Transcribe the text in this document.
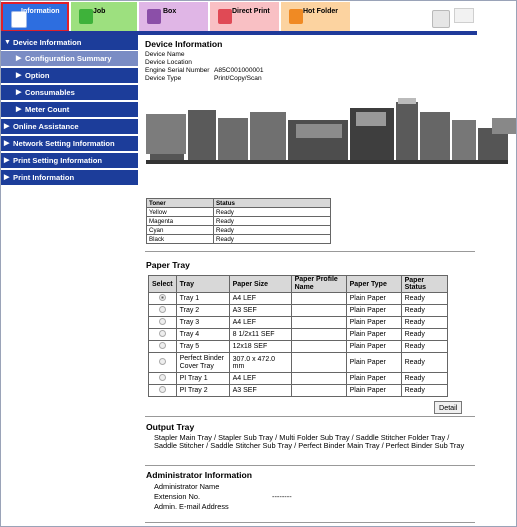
Information	Job	Box	Direct Print	Hot Folder
▼ Device Information
▶ Configuration Summary
▶ Option
▶ Consumables
▶ Meter Count
▶ Online Assistance
▶ Network Setting Information
▶ Print Setting Information
▶ Print Information
Device Information
Device Name
Device Location
Engine Serial Number A85C001000001
Device Type	Print/Copy/Scan
Toner	Status
Yellow	Ready
Magenta	Ready
Cyan	Ready
Black	Ready
Paper Tray
Select	Tray	Paper Size	Paper Profile Name	Paper Type	Paper Status
	Tray 1	A4 LEF		Plain Paper	Ready
	Tray 2	A3 SEF		Plain Paper	Ready
	Tray 3	A4 LEF		Plain Paper	Ready
	Tray 4	8 1/2x11 SEF		Plain Paper	Ready
	Tray 5	12x18 SEF		Plain Paper	Ready
	Perfect Binder Cover Tray	307.0 x 472.0 mm		Plain Paper	Ready
	PI Tray 1	A4 LEF		Plain Paper	Ready
	PI Tray 2	A3 SEF		Plain Paper	Ready
Detail
Output Tray
Stapler Main Tray / Stapler Sub Tray / Multi Folder Sub Tray / Saddle Stitcher Folder Tray / Saddle Stitcher / Saddle Stitcher Sub Tray / Perfect Binder Main Tray / Perfect Binder Sub Tray
Administrator Information
Administrator Name
Extension No.	--------
Admin. E-mail Address
